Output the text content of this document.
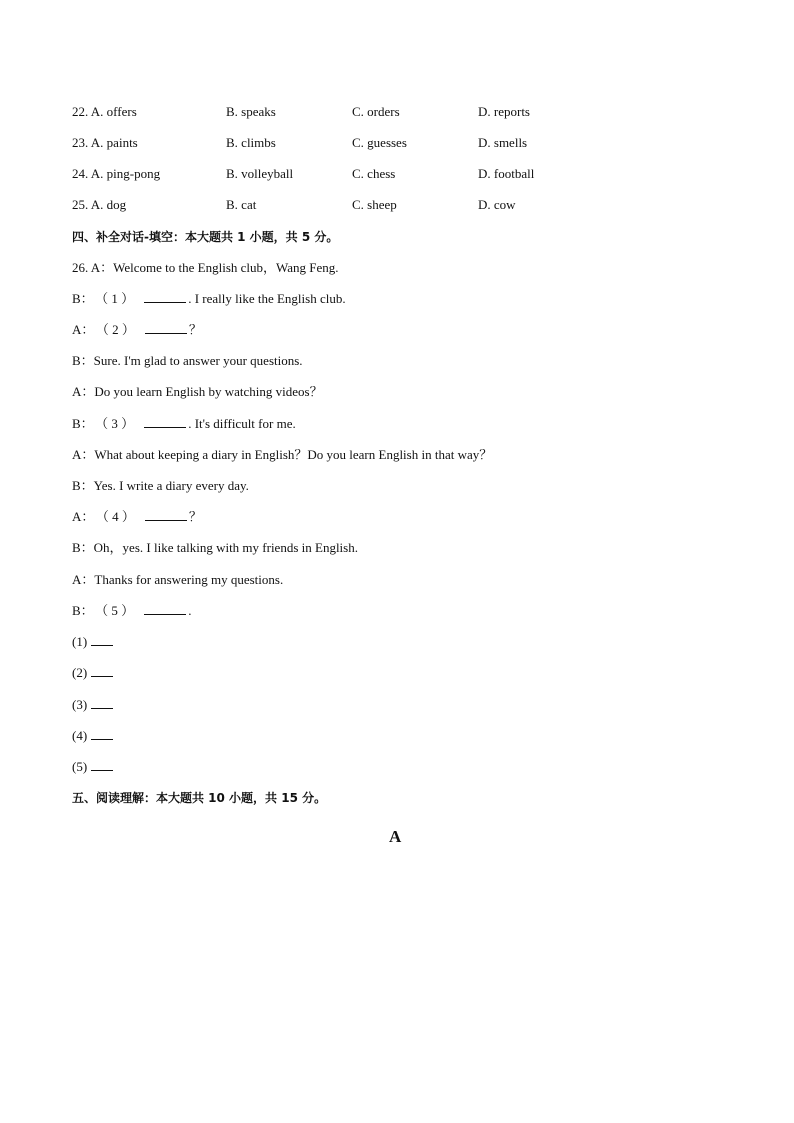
22. A. offers	B. speaks	C. orders	D. reports
23. A. paints	B. climbs	C. guesses	D. smells
24. A. ping-pong	B. volleyball	C. chess	D. football
25. A. dog	B. cat	C. sheep	D. cow
四、补全对话-填空：本大题共 1 小题，共 5 分。
26. A：Welcome to the English club，Wang Feng.
B： （ 1 ）	. I really like the English club.
A： （ 2 ）	？
B：Sure. I'm glad to answer your questions.
A：Do you learn English by watching videos？
B： （ 3 ）	. It's difficult for me.
A：What about keeping a diary in English？Do you learn English in that way？
B：Yes. I write a diary every day.
A： （ 4 ）	？
B：Oh，yes. I like talking with my friends in English.
A：Thanks for answering my questions.
B： （ 5 ）	.
(1)
(2)
(3)
(4)
(5)
五、阅读理解：本大题共 10 小题，共 15 分。
A
